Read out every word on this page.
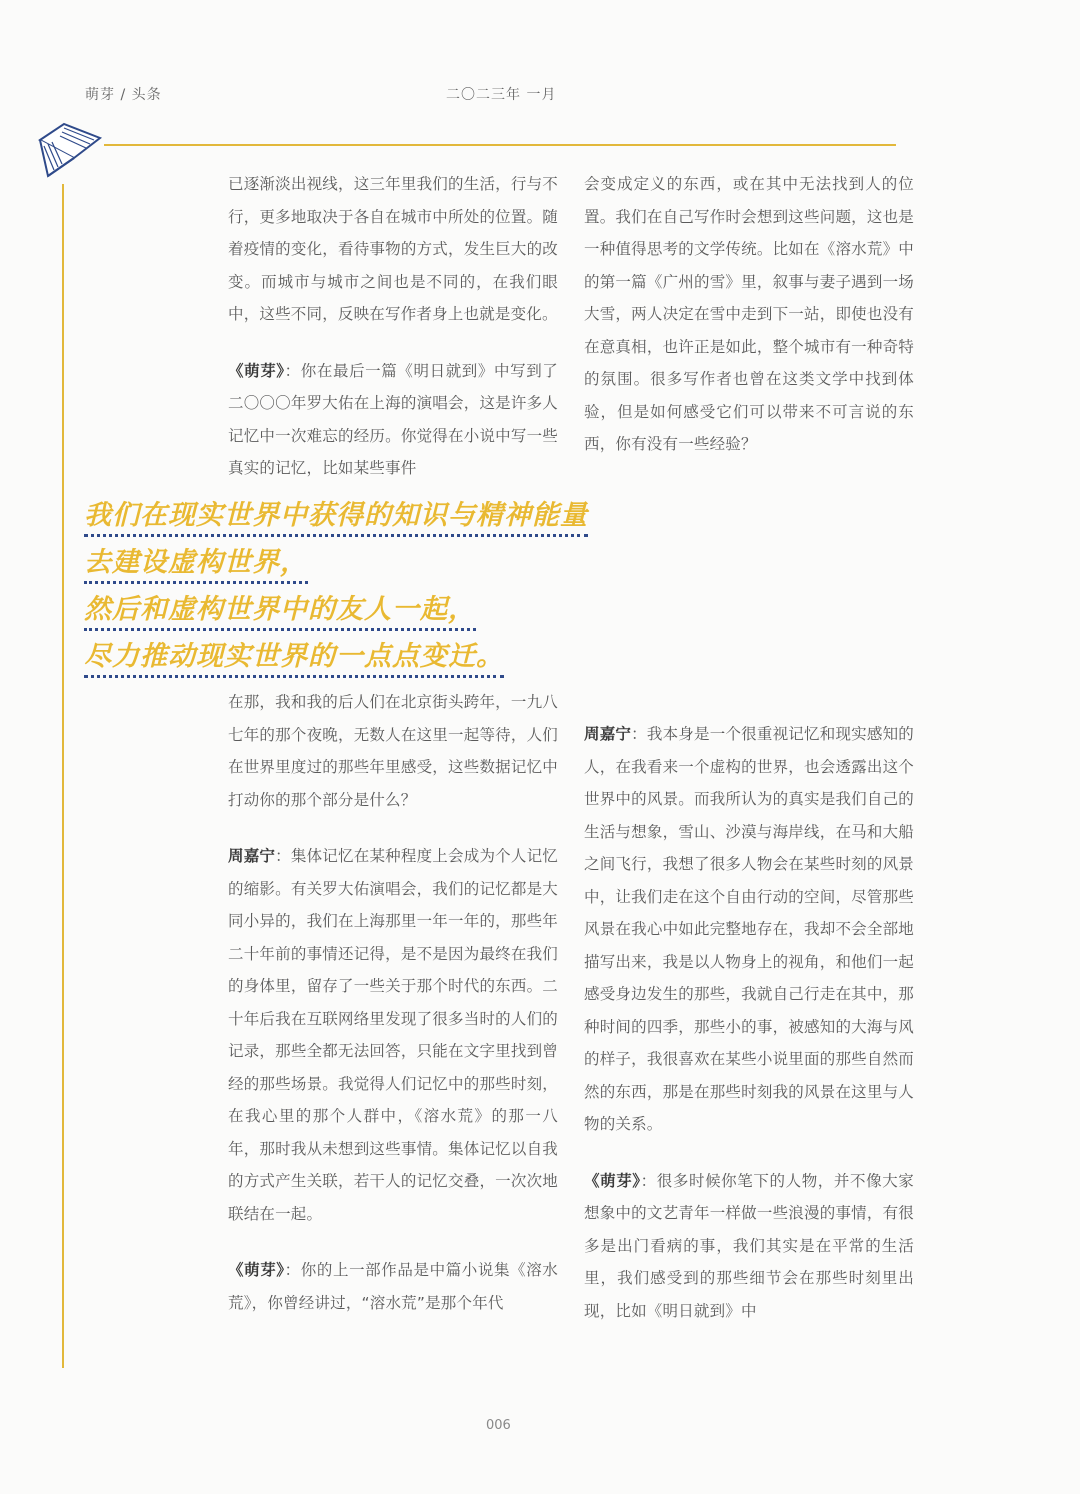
萌芽 / 头条	二〇二三年 一月

已逐渐淡出视线，这三年里我们的生活，行与不行，更多地取决于各自在城市中所处的位置。随着疫情的变化，看待事物的方式，发生巨大的改变。而城市与城市之间也是不同的，在我们眼中，这些不同，反映在写作者身上也就是变化。

《萌芽》：你在最后一篇《明日就到》中写到了二〇〇〇年罗大佑在上海的演唱会，这是许多人记忆中一次难忘的经历。你觉得在小说中写一些真实的记忆，比如某些事件

会变成定义的东西，或在其中无法找到人的位置。我们在自己写作时会想到这些问题，这也是一种值得思考的文学传统。比如在《溶水荒》中的第一篇《广州的雪》里，叙事与妻子遇到一场大雪，两人决定在雪中走到下一站，即使也没有在意真相，也许正是如此，整个城市有一种奇特的氛围。很多写作者也曾在这类文学中找到体验，但是如何感受它们可以带来不可言说的东西，你有没有一些经验？

我们在现实世界中获得的知识与精神能量
去建设虚构世界，
然后和虚构世界中的友人一起，
尽力推动现实世界的一点点变迁。

在那，我和我的后人们在北京街头跨年，一九八七年的那个夜晚，无数人在这里一起等待，人们在世界里度过的那些年里感受，这些数据记忆中打动你的那个部分是什么？

周嘉宁：集体记忆在某种程度上会成为个人记忆的缩影。有关罗大佑演唱会，我们的记忆都是大同小异的，我们在上海那里一年一年的，那些年二十年前的事情还记得，是不是因为最终在我们的身体里，留存了一些关于那个时代的东西。二十年后我在互联网络里发现了很多当时的人们的记录，那些全都无法回答，只能在文字里找到曾经的那些场景。我觉得人们记忆中的那些时刻，在我心里的那个人群中，《溶水荒》的那一八年，那时我从未想到这些事情。集体记忆以自我的方式产生关联，若干人的记忆交叠，一次次地联结在一起。

《萌芽》：你的上一部作品是中篇小说集《溶水荒》，你曾经讲过，“溶水荒”是那个年代

周嘉宁：我本身是一个很重视记忆和现实感知的人，在我看来一个虚构的世界，也会透露出这个世界中的风景。而我所认为的真实是我们自己的生活与想象，雪山、沙漠与海岸线，在马和大船之间飞行，我想了很多人物会在某些时刻的风景中，让我们走在这个自由行动的空间，尽管那些风景在我心中如此完整地存在，我却不会全部地描写出来，我是以人物身上的视角，和他们一起感受身边发生的那些，我就自己行走在其中，那种时间的四季，那些小的事，被感知的大海与风的样子，我很喜欢在某些小说里面的那些自然而然的东西，那是在那些时刻我的风景在这里与人物的关系。

《萌芽》：很多时候你笔下的人物，并不像大家想象中的文艺青年一样做一些浪漫的事情，有很多是出门看病的事，我们其实是在平常的生活里，我们感受到的那些细节会在那些时刻里出现，比如《明日就到》中

006
